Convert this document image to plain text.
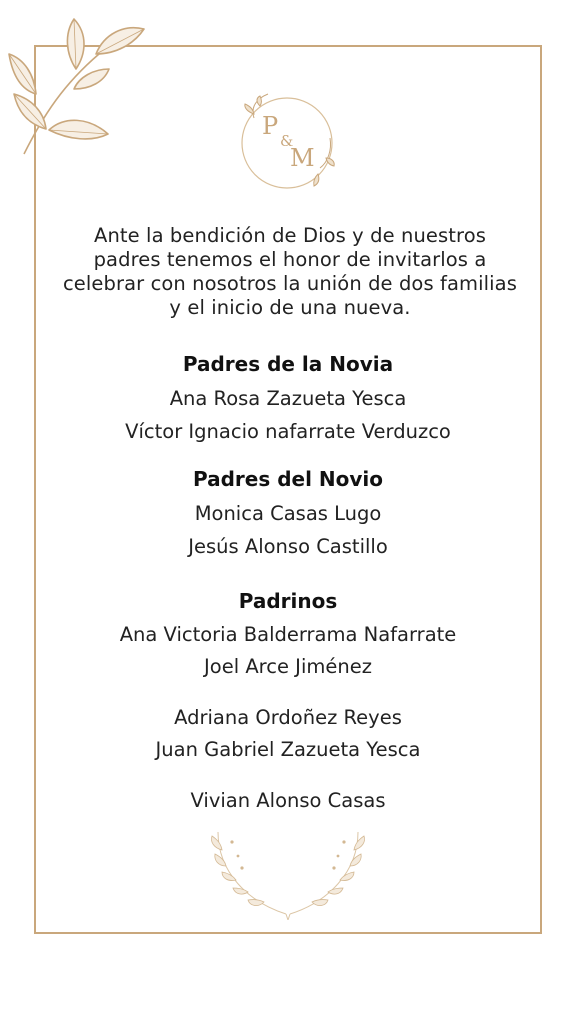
P
&
M
Ante la bendición de Dios y de nuestros padres tenemos el honor de invitarlos a celebrar con nosotros la unión de dos familias y el inicio de una nueva.
Padres de la Novia
Ana Rosa Zazueta Yesca
Víctor Ignacio nafarrate Verduzco
Padres del Novio
Monica Casas Lugo
Jesús Alonso Castillo
Padrinos
Ana Victoria Balderrama Nafarrate
Joel Arce Jiménez
Adriana Ordoñez Reyes
Juan Gabriel Zazueta Yesca
Vivian Alonso Casas
